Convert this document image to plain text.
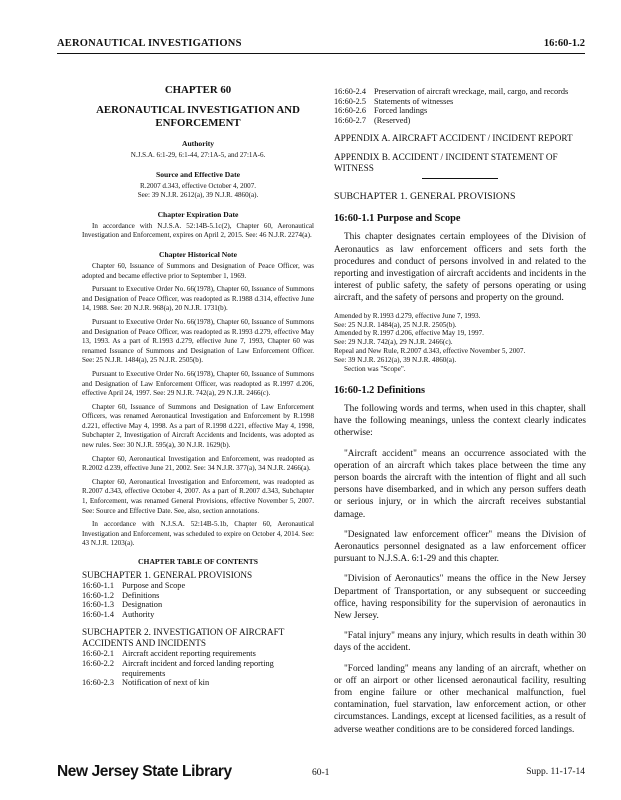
AERONAUTICAL INVESTIGATIONS	16:60-1.2
CHAPTER 60
AERONAUTICAL INVESTIGATION AND ENFORCEMENT
Authority
N.J.S.A. 6:1-29, 6:1-44, 27:1A-5, and 27:1A-6.
Source and Effective Date
R.2007 d.343, effective October 4, 2007.
See: 39 N.J.R. 2612(a), 39 N.J.R. 4860(a).
Chapter Expiration Date
In accordance with N.J.S.A. 52:14B-5.1c(2), Chapter 60, Aeronautical Investigation and Enforcement, expires on April 2, 2015. See: 46 N.J.R. 2274(a).
Chapter Historical Note
Chapter 60, Issuance of Summons and Designation of Peace Officer, was adopted and became effective prior to September 1, 1969.
Pursuant to Executive Order No. 66(1978), Chapter 60, Issuance of Summons and Designation of Peace Officer, was readopted as R.1988 d.314, effective June 14, 1988. See: 20 N.J.R. 968(a), 20 N.J.R. 1731(b).
Pursuant to Executive Order No. 66(1978), Chapter 60, Issuance of Summons and Designation of Peace Officer, was readopted as R.1993 d.279, effective May 13, 1993. As a part of R.1993 d.279, effective June 7, 1993, Chapter 60 was renamed Issuance of Summons and Designation of Law Enforcement Officer. See: 25 N.J.R. 1484(a), 25 N.J.R. 2505(b).
Pursuant to Executive Order No. 66(1978), Chapter 60, Issuance of Summons and Designation of Law Enforcement Officer, was readopted as R.1997 d.206, effective April 24, 1997. See: 29 N.J.R. 742(a), 29 N.J.R. 2466(c).
Chapter 60, Issuance of Summons and Designation of Law Enforcement Officers, was renamed Aeronautical Investigation and Enforcement by R.1998 d.221, effective May 4, 1998. As a part of R.1998 d.221, effective May 4, 1998, Subchapter 2, Investigation of Aircraft Accidents and Incidents, was adopted as new rules. See: 30 N.J.R. 595(a), 30 N.J.R. 1629(b).
Chapter 60, Aeronautical Investigation and Enforcement, was readopted as R.2002 d.239, effective June 21, 2002. See: 34 N.J.R. 377(a), 34 N.J.R. 2466(a).
Chapter 60, Aeronautical Investigation and Enforcement, was readopted as R.2007 d.343, effective October 4, 2007. As a part of R.2007 d.343, Subchapter 1, Enforcement, was renamed General Provisions, effective November 5, 2007. See: Source and Effective Date. See, also, section annotations.
In accordance with N.J.S.A. 52:14B-5.1b, Chapter 60, Aeronautical Investigation and Enforcement, was scheduled to expire on October 4, 2014. See: 43 N.J.R. 1203(a).
CHAPTER TABLE OF CONTENTS
SUBCHAPTER 1. GENERAL PROVISIONS
16:60-1.1 Purpose and Scope
16:60-1.2 Definitions
16:60-1.3 Designation
16:60-1.4 Authority
SUBCHAPTER 2. INVESTIGATION OF AIRCRAFT ACCIDENTS AND INCIDENTS
16:60-2.1 Aircraft accident reporting requirements
16:60-2.2 Aircraft incident and forced landing reporting requirements
16:60-2.3 Notification of next of kin
16:60-2.4 Preservation of aircraft wreckage, mail, cargo, and records
16:60-2.5 Statements of witnesses
16:60-2.6 Forced landings
16:60-2.7 (Reserved)
APPENDIX A. AIRCRAFT ACCIDENT / INCIDENT REPORT
APPENDIX B. ACCIDENT / INCIDENT STATEMENT OF WITNESS
SUBCHAPTER 1. GENERAL PROVISIONS
16:60-1.1 Purpose and Scope
This chapter designates certain employees of the Division of Aeronautics as law enforcement officers and sets forth the procedures and conduct of persons involved in and related to the reporting and investigation of aircraft accidents and incidents in the interest of public safety, the safety of persons operating or using aircraft, and the safety of persons and property on the ground.
Amended by R.1993 d.279, effective June 7, 1993.
See: 25 N.J.R. 1484(a), 25 N.J.R. 2505(b).
Amended by R.1997 d.206, effective May 19, 1997.
See: 29 N.J.R. 742(a), 29 N.J.R. 2466(c).
Repeal and New Rule, R.2007 d.343, effective November 5, 2007.
See: 39 N.J.R. 2612(a), 39 N.J.R. 4860(a).
Section was "Scope".
16:60-1.2 Definitions
The following words and terms, when used in this chapter, shall have the following meanings, unless the context clearly indicates otherwise:
"Aircraft accident" means an occurrence associated with the operation of an aircraft which takes place between the time any person boards the aircraft with the intention of flight and all such persons have disembarked, and in which any person suffers death or serious injury, or in which the aircraft receives substantial damage.
"Designated law enforcement officer" means the Division of Aeronautics personnel designated as a law enforcement officer pursuant to N.J.S.A. 6:1-29 and this chapter.
"Division of Aeronautics" means the office in the New Jersey Department of Transportation, or any subsequent or succeeding office, having responsibility for the supervision of aeronautics in New Jersey.
"Fatal injury" means any injury, which results in death within 30 days of the accident.
"Forced landing" means any landing of an aircraft, whether on or off an airport or other licensed aeronautical facility, resulting from engine failure or other mechanical malfunction, fuel contamination, fuel starvation, law enforcement action, or other circumstances. Landings, except at licensed facilities, as a result of adverse weather conditions are to be considered forced landings.
New Jersey State Library	60-1	Supp. 11-17-14
